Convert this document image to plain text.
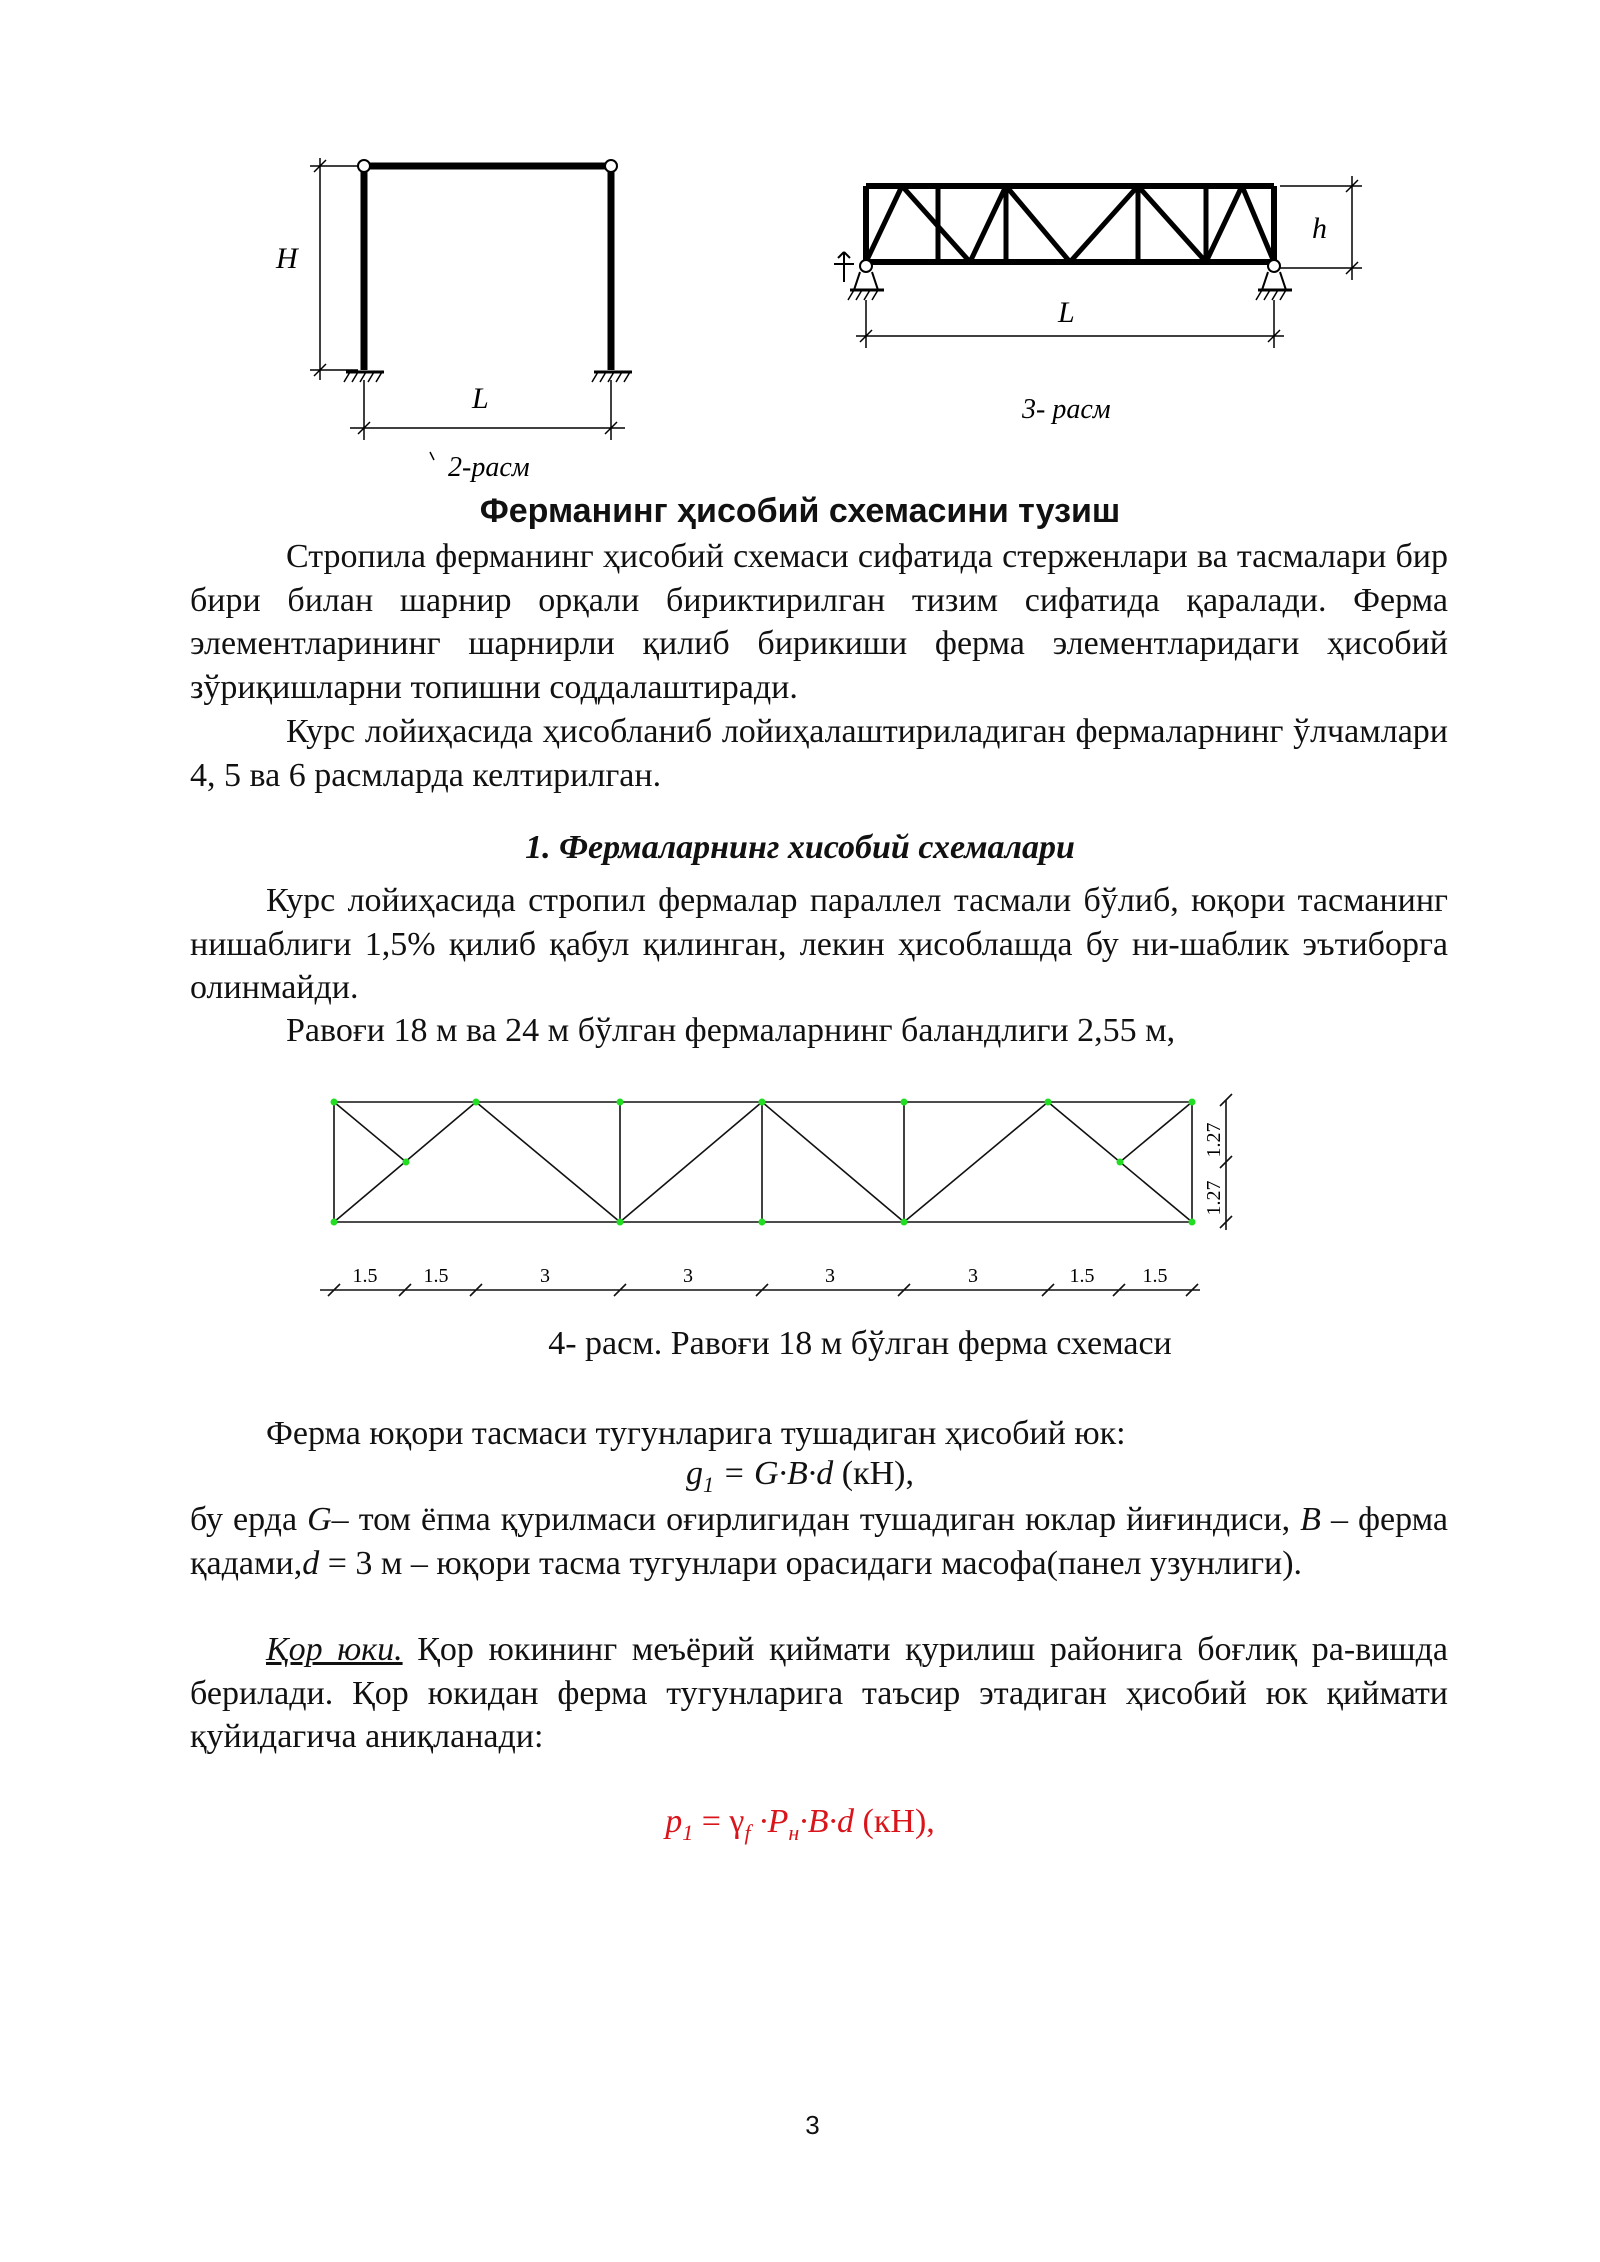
H
L
2-расм
h
L
3- расм
Ферманинг ҳисобий схемасини тузиш
Стропила ферманинг ҳисобий схемаси сифатида стерженлари ва тасмалари бир бири билан шарнир орқали бириктирилган тизим сифатида қаралади. Ферма элементларининг шарнирли қилиб бирикиши ферма элементларидаги ҳисобий зўриқишларни топишни соддалаштиради.
Курс лойиҳасида ҳисобланиб лойиҳалаштириладиган фермаларнинг ўлчамлари 4, 5 ва 6 расмларда келтирилган.
1. Фермаларнинг хисобий схемалари
Курс лойиҳасида стропил фермалар параллел тасмали бўлиб, юқори тасманинг нишаблиги 1,5% қилиб қабул қилинган, лекин ҳисоблашда бу ни-шаблик эътиборга олинмайди.
Равоғи 18 м ва 24 м бўлган фермаларнинг баландлиги 2,55 м,
1.27
1.27
1.5 1.5	3	3	3	3	1.5 1.5
4- расм. Равоғи 18 м бўлган ферма схемаси
Ферма юқори тасмаси тугунларига тушадиган ҳисобий юк:
$g_1 = G\cdot B\cdot d$ (кН),
бу ерда G– том ёпма қурилмаси оғирлигидан тушадиган юклар йиғиндиси, B – ферма қадами,d = 3 м – юқори тасма тугунлари орасидаги масофа(панел узунлиги).
Қор юки. Қор юкининг меъёрий қиймати қурилиш районига боғлиқ ра-вишда берилади. Қор юкидан ферма тугунларига таъсир этадиган ҳисобий юк қиймати қуйидагича аниқланади:
$p_1 = \gamma_f \cdot P_н\cdot B\cdot d$ (кН),
3
